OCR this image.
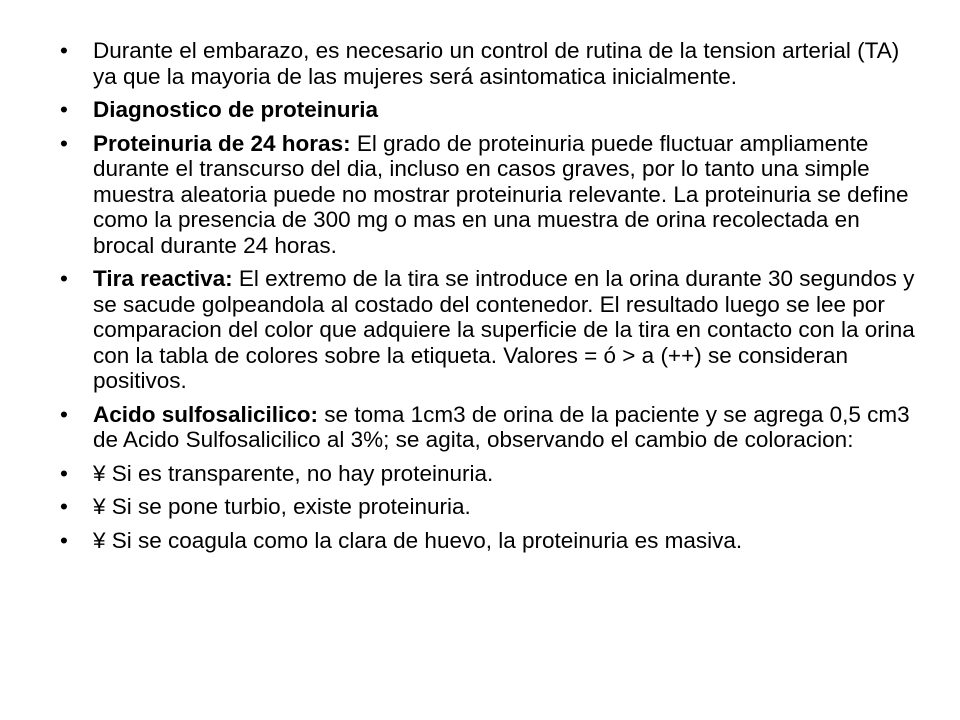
• Durante el embarazo, es necesario un control de rutina de la tension arterial (TA) ya que la mayoria de las mujeres será asintomatica inicialmente.
• Diagnostico de proteinuria
• Proteinuria de 24 horas: El grado de proteinuria puede fluctuar ampliamente durante el transcurso del dia, incluso en casos graves, por lo tanto una simple muestra aleatoria puede no mostrar proteinuria relevante. La proteinuria se define como la presencia de 300 mg o mas en una muestra de orina recolectada en brocal durante 24 horas.
• Tira reactiva: El extremo de la tira se introduce en la orina durante 30 segundos y se sacude golpeandola al costado del contenedor. El resultado luego se lee por comparacion del color que adquiere la superficie de la tira en contacto con la orina con la tabla de colores sobre la etiqueta. Valores = ó > a (++) se consideran positivos.
• Acido sulfosalicilico: se toma 1cm3 de orina de la paciente y se agrega 0,5 cm3 de Acido Sulfosalicilico al 3%; se agita, observando el cambio de coloracion:
• ¥ Si es transparente, no hay proteinuria.
• ¥ Si se pone turbio, existe proteinuria.
• ¥ Si se coagula como la clara de huevo, la proteinuria es masiva.
